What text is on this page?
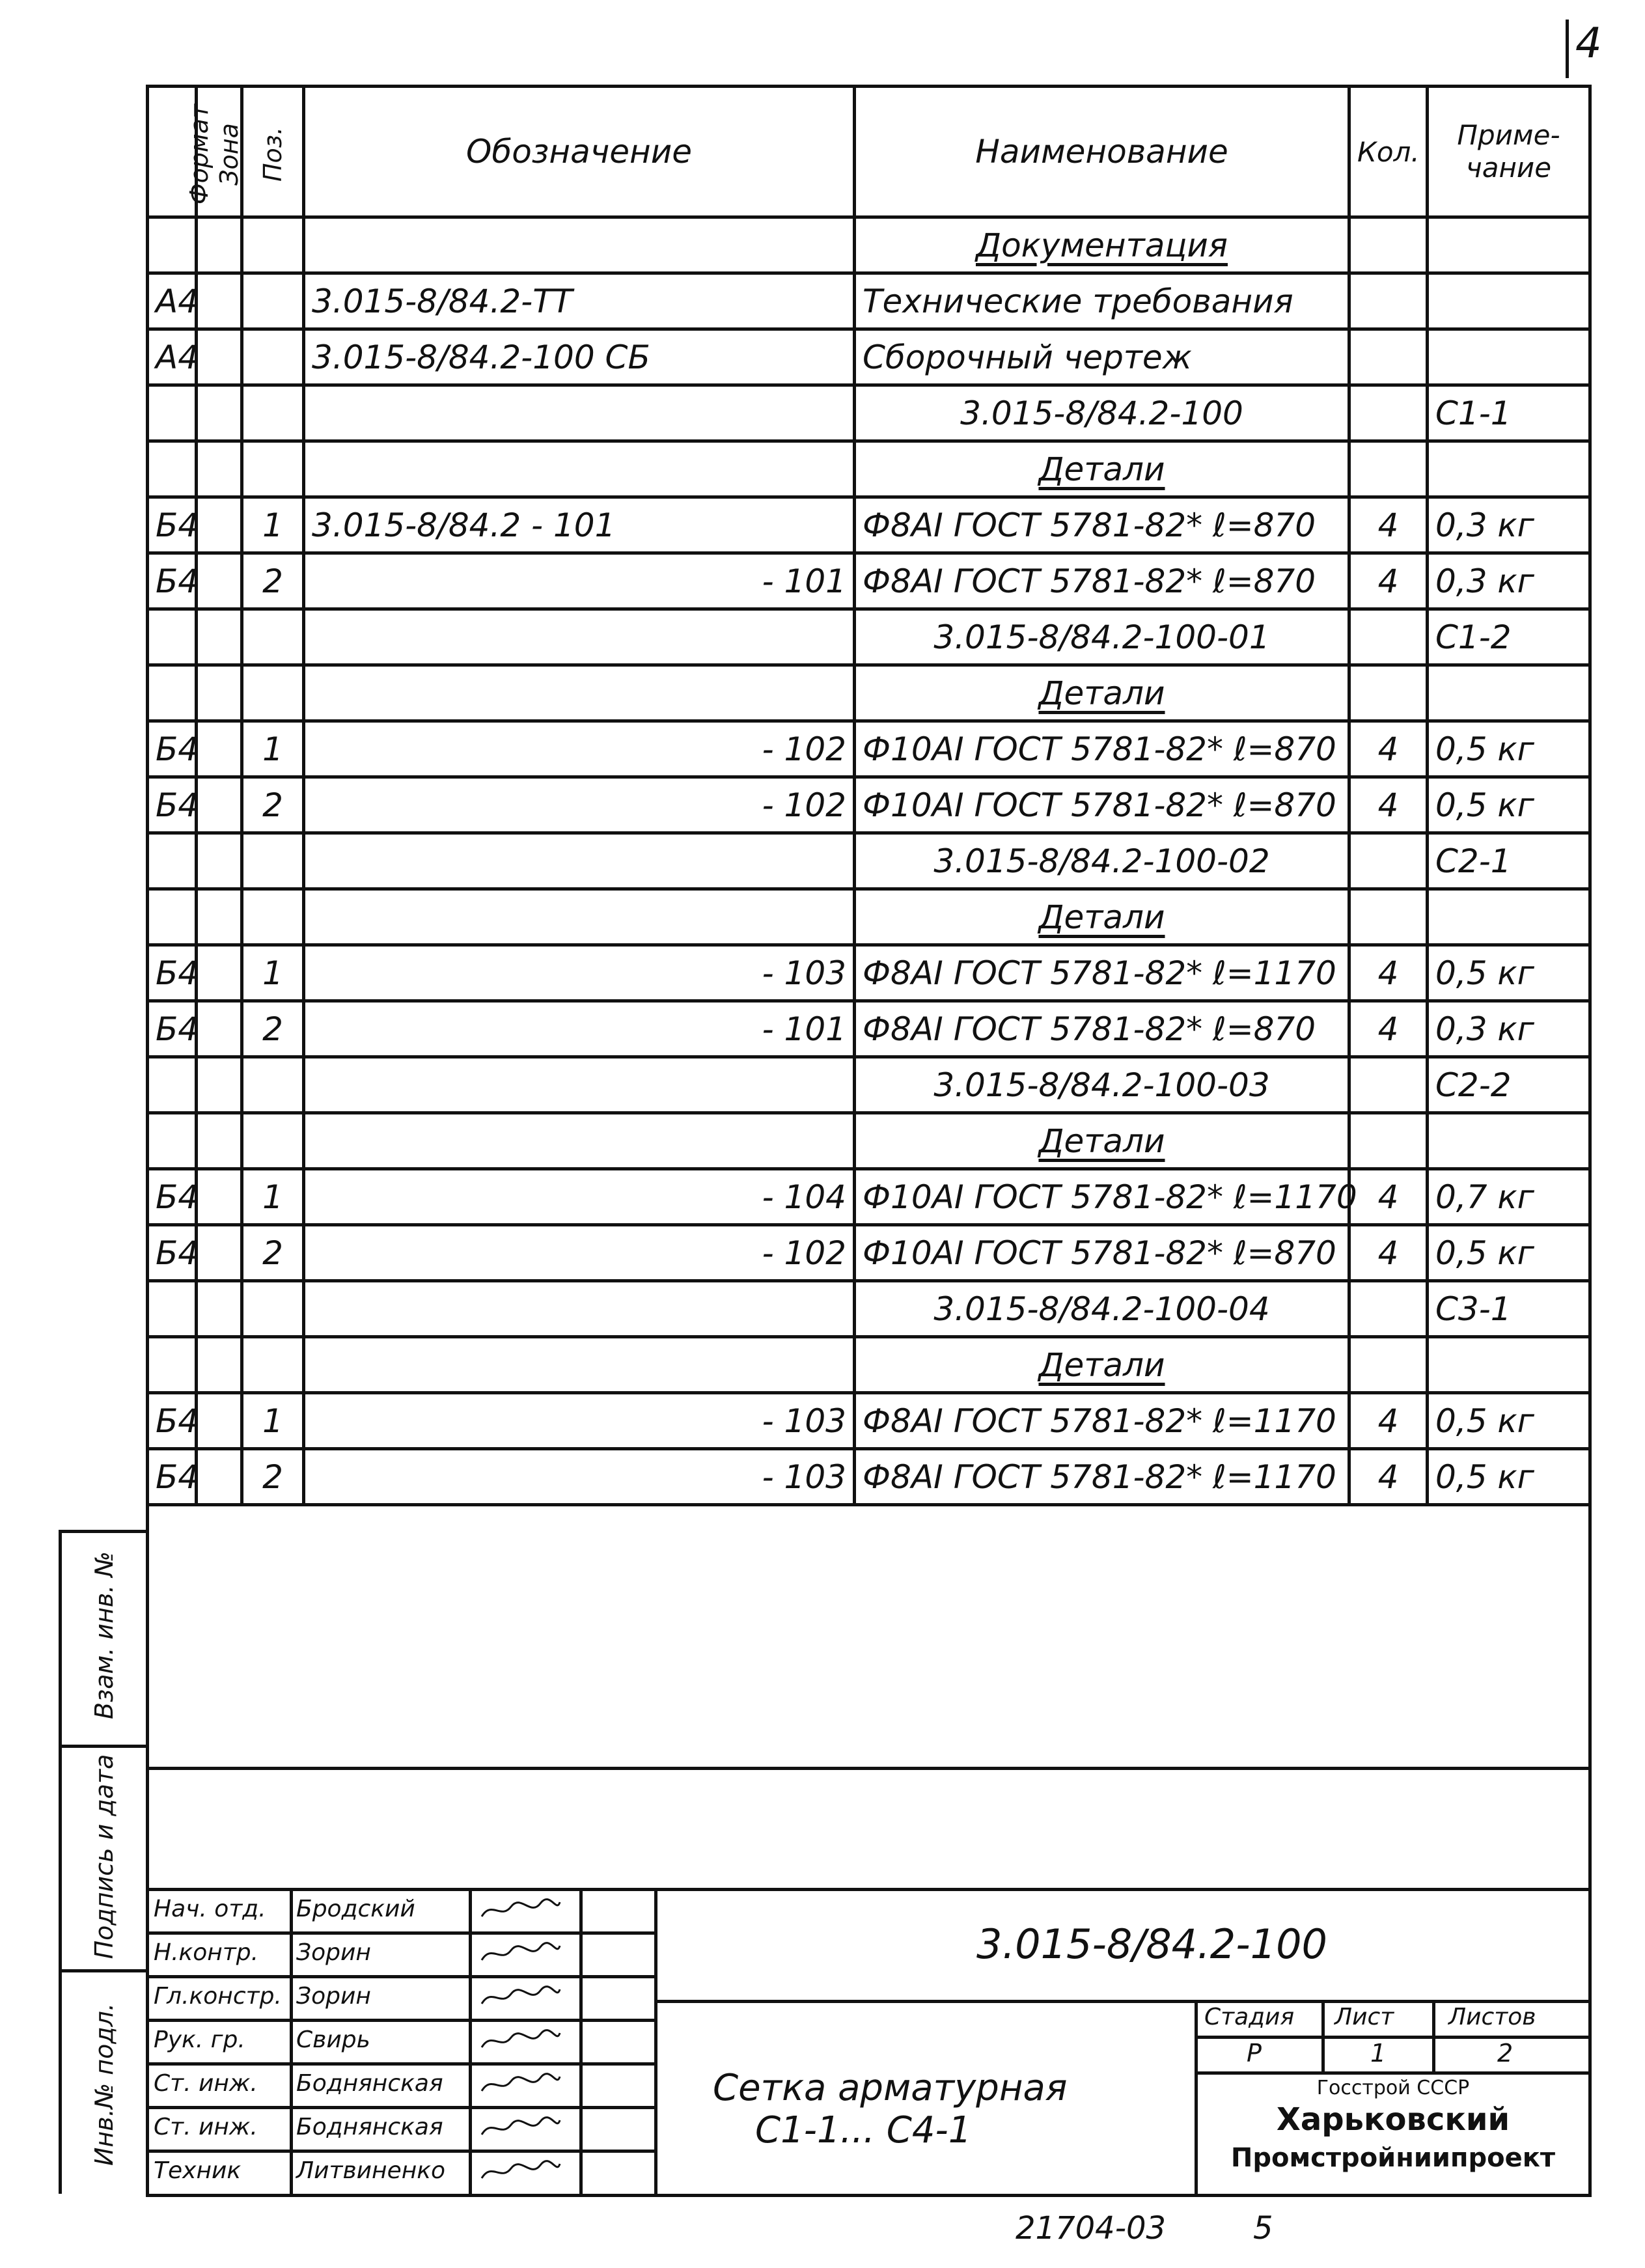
4
Формат	Зона	Поз.	Обозначение	Наименование	Кол.	Приме-
чание
				Документация		
А4			3.015-8/84.2-ТТ	Технические требования		
А4			3.015-8/84.2-100 СБ	Сборочный чертеж		
				3.015-8/84.2-100		С1-1
				Детали		
Б4		1	3.015-8/84.2 - 101	Ф8АI ГОСТ 5781-82* ℓ=870	4	0,3 кг
Б4		2	- 101	Ф8АI ГОСТ 5781-82* ℓ=870	4	0,3 кг
				3.015-8/84.2-100-01		С1-2
				Детали		
Б4		1	- 102	Ф10АI ГОСТ 5781-82* ℓ=870	4	0,5 кг
Б4		2	- 102	Ф10АI ГОСТ 5781-82* ℓ=870	4	0,5 кг
				3.015-8/84.2-100-02		С2-1
				Детали		
Б4		1	- 103	Ф8АI ГОСТ 5781-82* ℓ=1170	4	0,5 кг
Б4		2	- 101	Ф8АI ГОСТ 5781-82* ℓ=870	4	0,3 кг
				3.015-8/84.2-100-03		С2-2
				Детали		
Б4		1	- 104	Ф10АI ГОСТ 5781-82* ℓ=1170	4	0,7 кг
Б4		2	- 102	Ф10АI ГОСТ 5781-82* ℓ=870	4	0,5 кг
				3.015-8/84.2-100-04		С3-1
				Детали		
Б4		1	- 103	Ф8АI ГОСТ 5781-82* ℓ=1170	4	0,5 кг
Б4		2	- 103	Ф8АI ГОСТ 5781-82* ℓ=1170	4	0,5 кг

Взам. инв. №
Подпись и дата
Инв.№ подл.
Нач. отд. Бродский
Н.контр. Зорин
Гл.констр. Зорин
Рук. гр. Свирь
Ст. инж. Боднянская
Ст. инж. Боднянская
Техник Литвиненко
3.015-8/84.2-100
Сетка арматурная
С1-1... С4-1
Стадия Лист Листов
Р	1	2
Госстрой СССР
Харьковский
Промстройниипроект
21704-03	5
